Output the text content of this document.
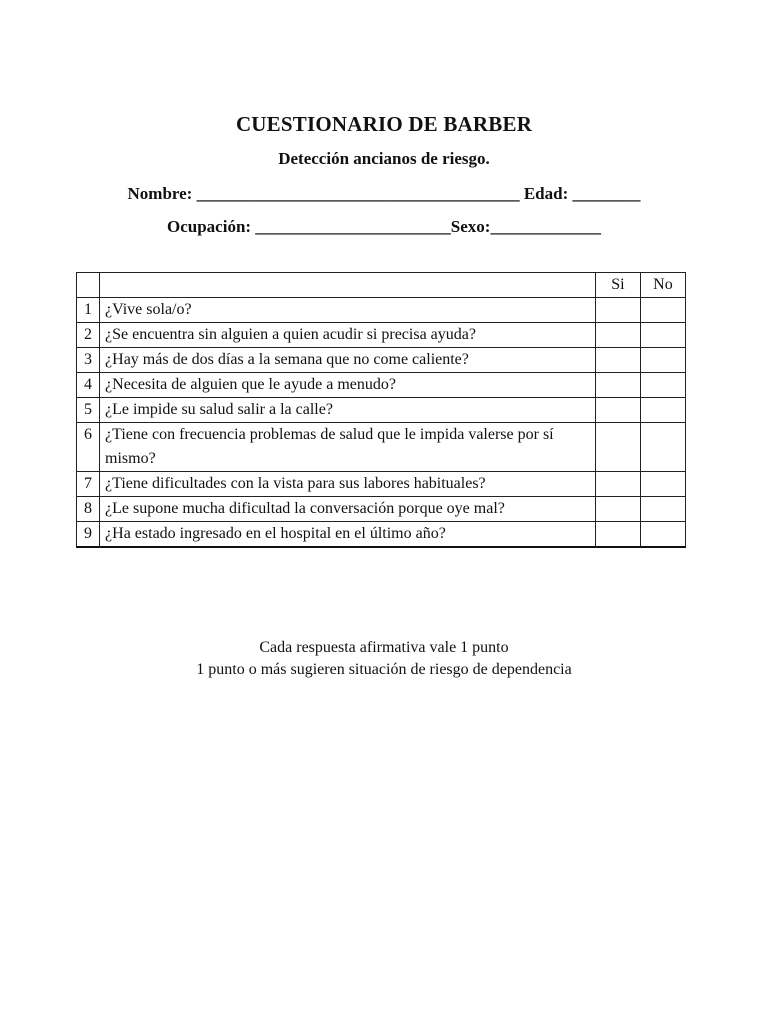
CUESTIONARIO DE BARBER
Detección ancianos de riesgo.
Nombre: ______________________________________ Edad: ________
Ocupación: _______________________Sexo:_____________
		Si	No
1	¿Vive sola/o?		
2	¿Se encuentra sin alguien a quien acudir si precisa ayuda?		
3	¿Hay más de dos días a la semana que no come caliente?		
4	¿Necesita de alguien que le ayude a menudo?		
5	¿Le impide su salud salir a la calle?		
6	¿Tiene con frecuencia problemas de salud que le impida valerse por sí mismo?		
7	¿Tiene dificultades con la vista para sus labores habituales?		
8	¿Le supone mucha dificultad la conversación porque oye mal?		
9	¿Ha estado ingresado en el hospital en el último año?		
Cada respuesta afirmativa vale 1 punto
1 punto o más sugieren situación de riesgo de dependencia
